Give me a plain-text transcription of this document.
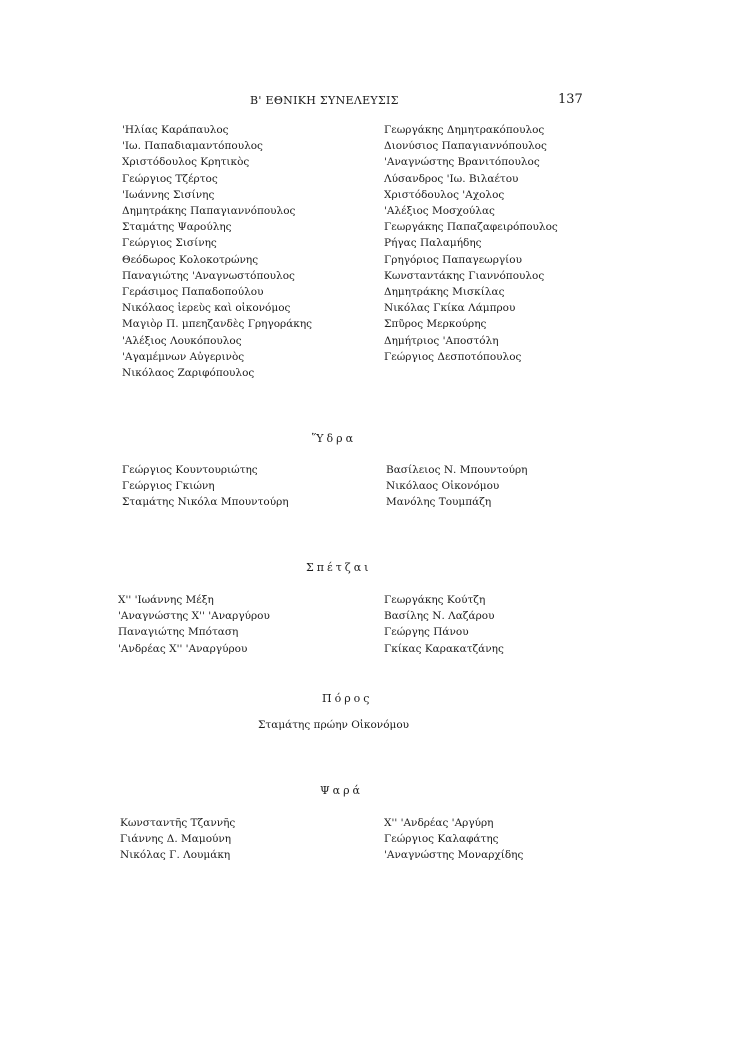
Β' ΕΘΝΙΚΗ ΣΥΝΕΛΕΥΣΙΣ	137
'Ηλίας Καράπαυλος
'Ιω. Παπαδιαμαντόπουλος
Χριστόδουλος Κρητικὸς
Γεώργιος Τζέρτος
'Ιωάννης Σισίνης
Δημητράκης Παπαγιαννόπουλος
Σταμάτης Ψαρούλης
Γεώργιος Σισίνης
Θεόδωρος Κολοκοτρώνης
Παναγιώτης 'Αναγνωστόπουλος
Γεράσιμος Παπαδοπούλου
Νικόλαος ἱερεὺς καὶ οἰκονόμος
Μαγιὸρ Π. μπεηζανδὲς Γρηγοράκης
'Αλέξιος Λουκόπουλος
'Αγαμέμνων Αὐγερινὸς
Νικόλαος Ζαριφόπουλος
Γεωργάκης Δημητρακόπουλος
Διονύσιος Παπαγιαννόπουλος
'Αναγνώστης Βρανιτόπουλος
Λύσανδρος 'Ιω. Βιλαέτου
Χριστόδουλος 'Αχολος
'Αλέξιος Μοσχούλας
Γεωργάκης Παπαζαφειρόπουλος
Ρήγας Παλαμήδης
Γρηγόριος Παπαγεωργίου
Κωνσταντάκης Γιαννόπουλος
Δημητράκης Μισκίλας
Νικόλας Γκίκα Λάμπρου
Σπῦρος Μερκούρης
Δημήτριος 'Αποστόλη
Γεώργιος Δεσποτόπουλος
Ὕδρα
Γεώργιος Κουντουριώτης
Γεώργιος Γκιώνη
Σταμάτης Νικόλα Μπουντούρη
Βασίλειος Ν. Μπουντούρη
Νικόλαος Οἰκονόμου
Μανόλης Τουμπάζη
Σπέτζαι
Χ'' 'Ιωάννης Μέξη
'Αναγνώστης Χ'' 'Αναργύρου
Παναγιώτης Μπόταση
'Ανδρέας Χ'' 'Αναργύρου
Γεωργάκης Κούτζη
Βασίλης Ν. Λαζάρου
Γεώργης Πάνου
Γκίκας Καρακατζάνης
Πόρος
Σταμάτης πρώην Οἰκονόμου
Ψαρά
Κωνσταντῆς Τζαννῆς
Γιάννης Δ. Μαμούνη
Νικόλας Γ. Λουμάκη
Χ'' 'Ανδρέας 'Αργύρη
Γεώργιος Καλαφάτης
'Αναγνώστης Μοναρχίδης
